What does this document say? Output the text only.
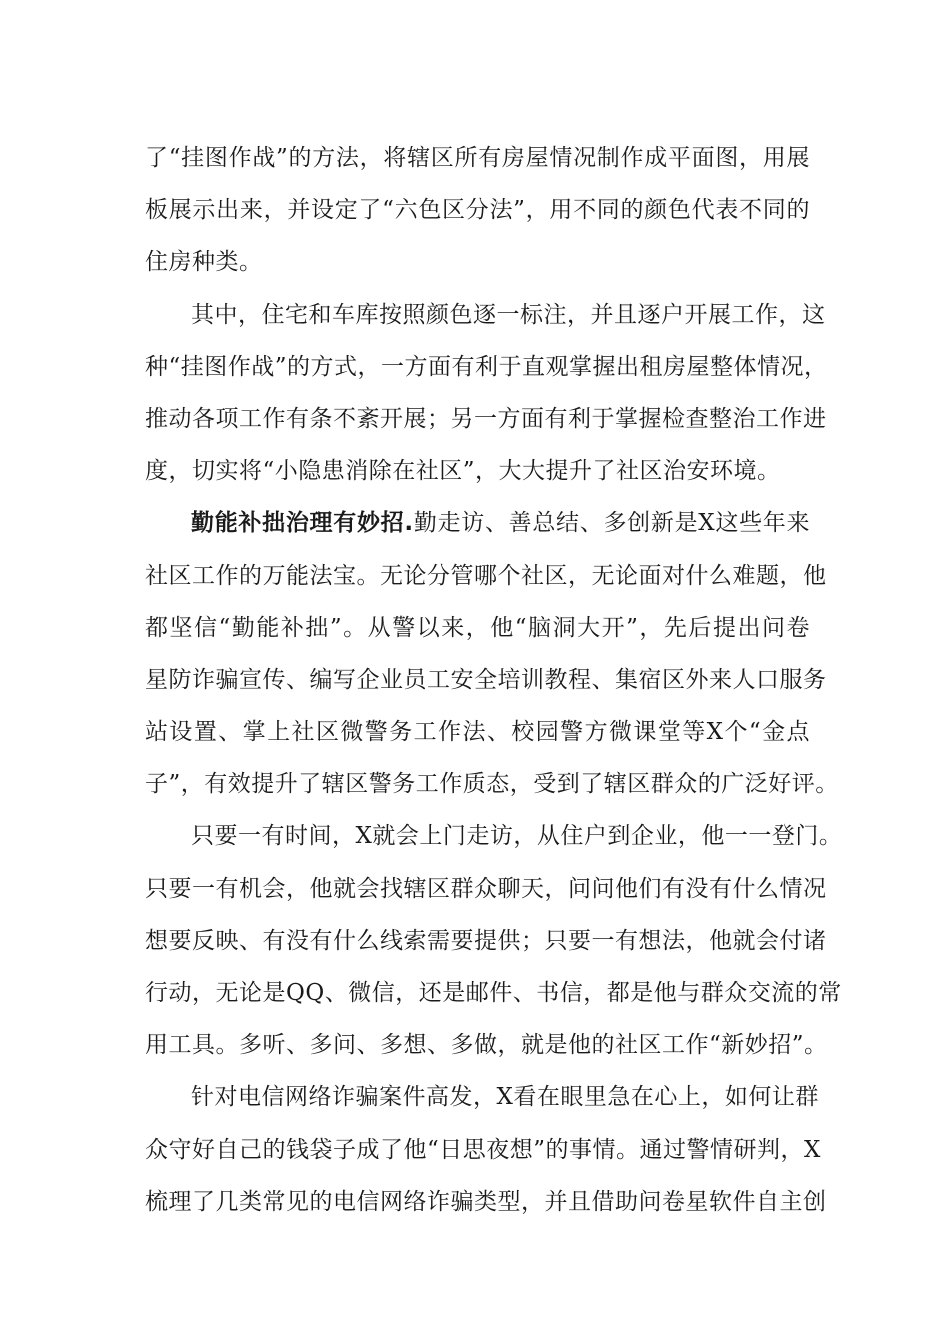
了“挂图作战”的方法，将辖区所有房屋情况制作成平面图，用展
板展示出来，并设定了“六色区分法”，用不同的颜色代表不同的
住房种类。
其中，住宅和车库按照颜色逐一标注，并且逐户开展工作，这
种“挂图作战”的方式，一方面有利于直观掌握出租房屋整体情况，
推动各项工作有条不紊开展；另一方面有利于掌握检查整治工作进
度，切实将“小隐患消除在社区”，大大提升了社区治安环境。
勤能补拙治理有妙招.勤走访、善总结、多创新是X这些年来
社区工作的万能法宝。无论分管哪个社区，无论面对什么难题，他
都坚信“勤能补拙”。从警以来，他“脑洞大开”，先后提出问卷
星防诈骗宣传、编写企业员工安全培训教程、集宿区外来人口服务
站设置、掌上社区微警务工作法、校园警方微课堂等X个“金点
子”，有效提升了辖区警务工作质态，受到了辖区群众的广泛好评。
只要一有时间，X就会上门走访，从住户到企业，他一一登门。
只要一有机会，他就会找辖区群众聊天，问问他们有没有什么情况
想要反映、有没有什么线索需要提供；只要一有想法，他就会付诸
行动，无论是QQ、微信，还是邮件、书信，都是他与群众交流的常
用工具。多听、多问、多想、多做，就是他的社区工作“新妙招”。
针对电信网络诈骗案件高发，X看在眼里急在心上，如何让群
众守好自己的钱袋子成了他“日思夜想”的事情。通过警情研判，X
梳理了几类常见的电信网络诈骗类型，并且借助问卷星软件自主创
